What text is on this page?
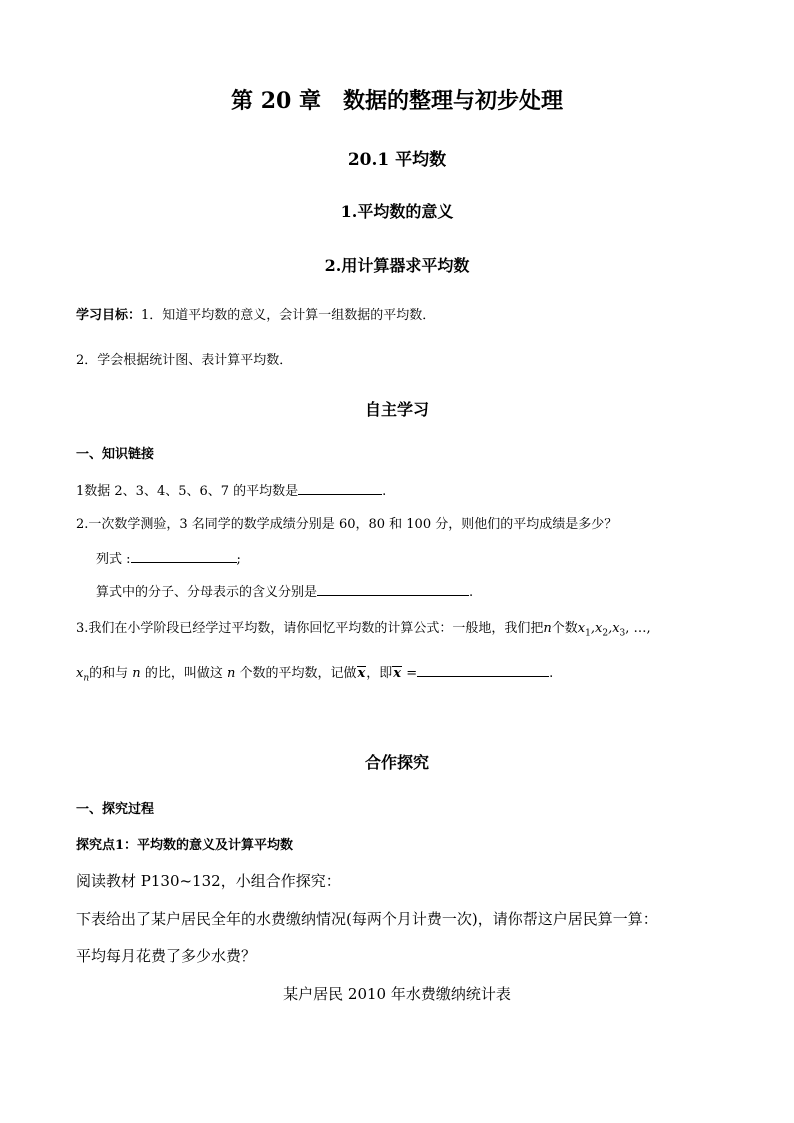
第 20 章　数据的整理与初步处理
20.1 平均数
1.平均数的意义
2.用计算器求平均数
学习目标：1．知道平均数的意义，会计算一组数据的平均数．
2．学会根据统计图、表计算平均数．
自主学习
一、知识链接
1数据 2、3、4、5、6、7 的平均数是	.
2.一次数学测验，3 名同学的数学成绩分别是 60，80 和 100 分，则他们的平均成绩是多少？
列式 :	;
算式中的分子、分母表示的含义分别是	.
3.我们在小学阶段已经学过平均数，请你回忆平均数的计算公式：一般地，我们把n个数$x_1,x_2,x_3$, …,
$x_n$的和与 n 的比，叫做这 n 个数的平均数，记做x，即x =	.
合作探究
一、探究过程
探究点1：平均数的意义及计算平均数
阅读教材 P130~132，小组合作探究：
下表给出了某户居民全年的水费缴纳情况(每两个月计费一次)，请你帮这户居民算一算：
平均每月花费了多少水费？
某户居民 2010 年水费缴纳统计表
